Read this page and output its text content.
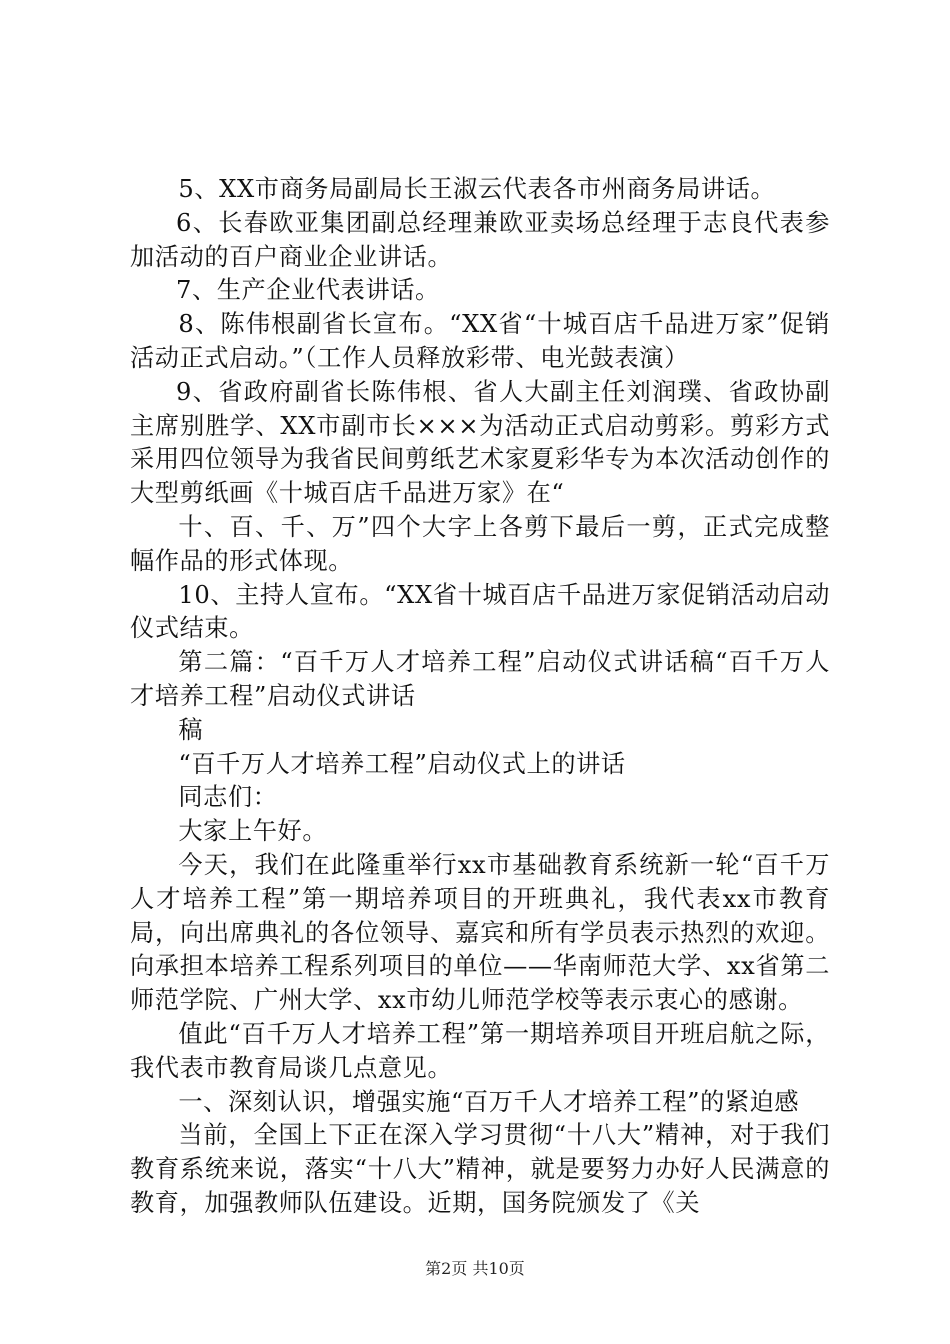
5、XX市商务局副局长王淑云代表各市州商务局讲话。

6、长春欧亚集团副总经理兼欧亚卖场总经理于志良代表参加活动的百户商业企业讲话。

7、生产企业代表讲话。

8、陈伟根副省长宣布。“XX省“十城百店千品进万家”促销活动正式启动。”（工作人员释放彩带、电光鼓表演）

9、省政府副省长陈伟根、省人大副主任刘润璞、省政协副主席别胜学、XX市副市长×××为活动正式启动剪彩。剪彩方式采用四位领导为我省民间剪纸艺术家夏彩华专为本次活动创作的大型剪纸画《十城百店千品进万家》在“

十、百、千、万”四个大字上各剪下最后一剪，正式完成整幅作品的形式体现。

10、主持人宣布。“XX省十城百店千品进万家促销活动启动仪式结束。

第二篇：“百千万人才培养工程”启动仪式讲话稿“百千万人才培养工程”启动仪式讲话

稿

“百千万人才培养工程”启动仪式上的讲话

同志们：

大家上午好。

今天，我们在此隆重举行xx市基础教育系统新一轮“百千万人才培养工程”第一期培养项目的开班典礼，我代表xx市教育局，向出席典礼的各位领导、嘉宾和所有学员表示热烈的欢迎。向承担本培养工程系列项目的单位——华南师范大学、xx省第二师范学院、广州大学、xx市幼儿师范学校等表示衷心的感谢。

值此“百千万人才培养工程”第一期培养项目开班启航之际，我代表市教育局谈几点意见。

一、深刻认识，增强实施“百万千人才培养工程”的紧迫感

当前，全国上下正在深入学习贯彻“十八大”精神，对于我们教育系统来说，落实“十八大”精神，就是要努力办好人民满意的教育，加强教师队伍建设。近期，国务院颁发了《关

第2页 共10页
